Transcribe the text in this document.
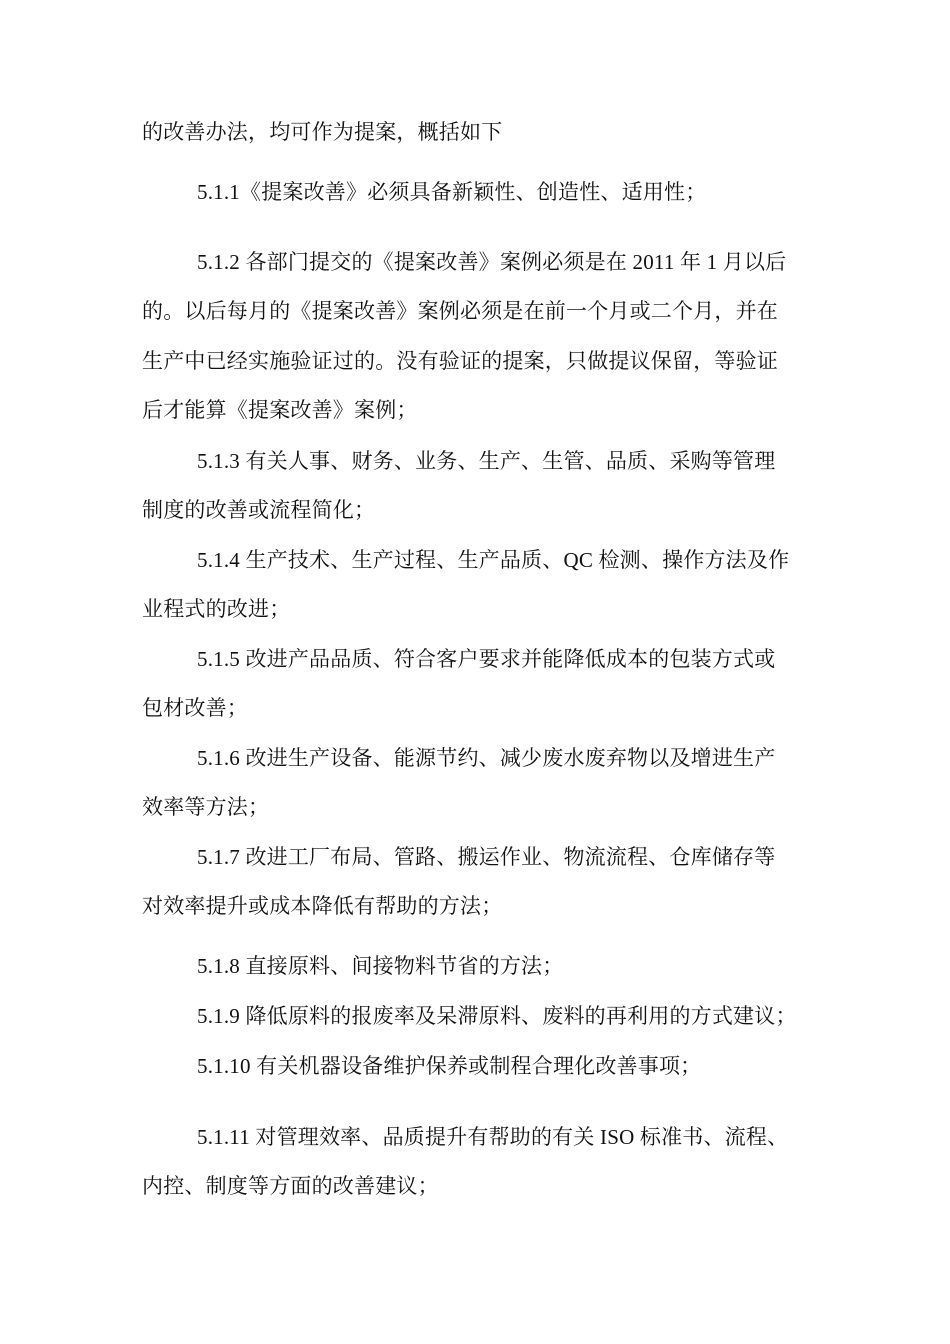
的改善办法，均可作为提案，概括如下
5.1.1《提案改善》必须具备新颖性、创造性、适用性；
5.1.2 各部门提交的《提案改善》案例必须是在 2011 年 1 月以后
的。以后每月的《提案改善》案例必须是在前一个月或二个月，并在
生产中已经实施验证过的。没有验证的提案，只做提议保留，等验证
后才能算《提案改善》案例；
5.1.3 有关人事、财务、业务、生产、生管、品质、采购等管理
制度的改善或流程简化；
5.1.4 生产技术、生产过程、生产品质、QC 检测、操作方法及作
业程式的改进；
5.1.5 改进产品品质、符合客户要求并能降低成本的包装方式或
包材改善；
5.1.6 改进生产设备、能源节约、减少废水废弃物以及增进生产
效率等方法；
5.1.7 改进工厂布局、管路、搬运作业、物流流程、仓库储存等
对效率提升或成本降低有帮助的方法；
5.1.8 直接原料、间接物料节省的方法；
5.1.9 降低原料的报废率及呆滞原料、废料的再利用的方式建议；
5.1.10 有关机器设备维护保养或制程合理化改善事项；
5.1.11 对管理效率、品质提升有帮助的有关 ISO 标准书、流程、
内控、制度等方面的改善建议；
